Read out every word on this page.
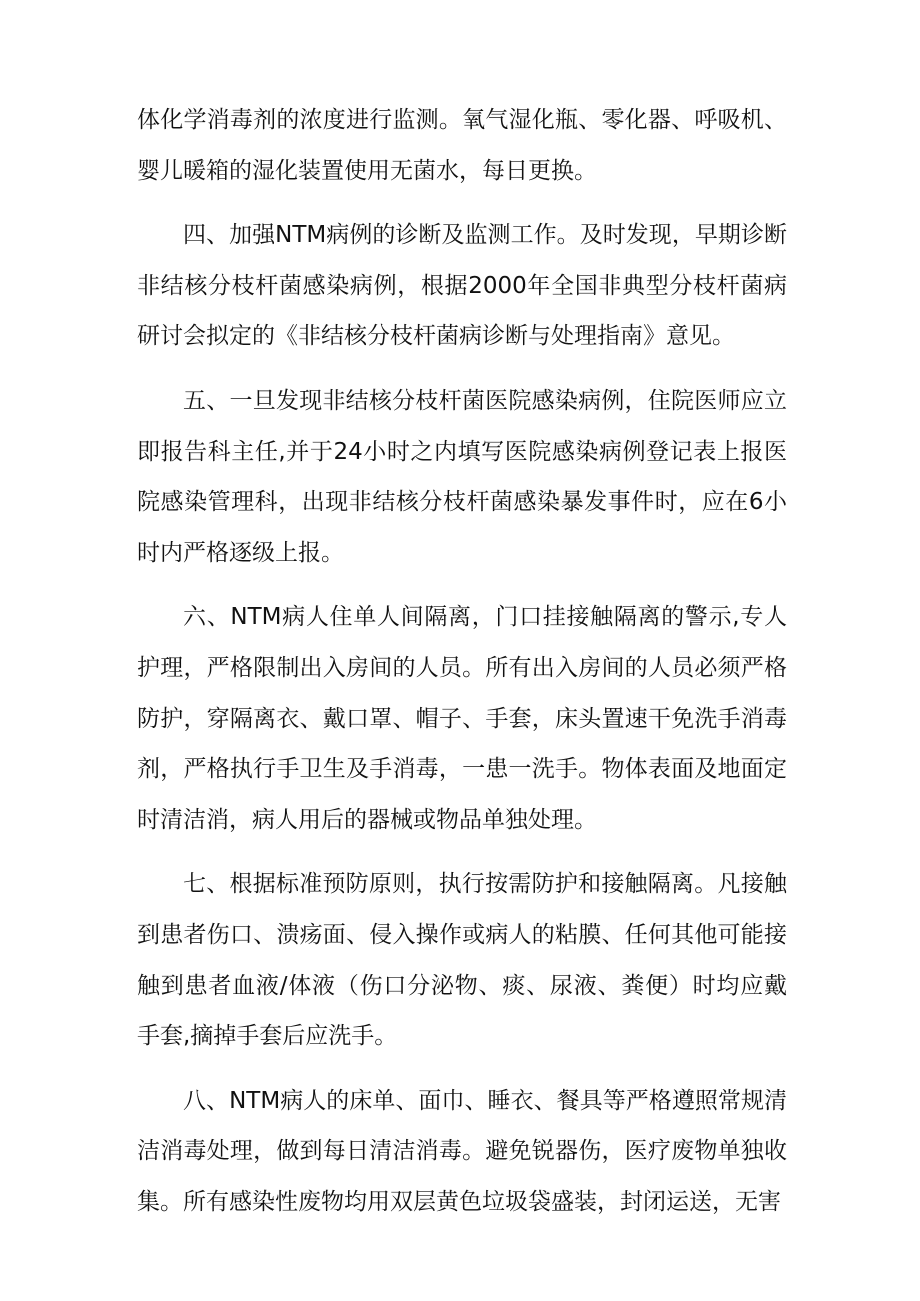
体化学消毒剂的浓度进行监测。氧气湿化瓶、零化器、呼吸机、婴儿暖箱的湿化装置使用无菌水，每日更换。

四、加强NTM病例的诊断及监测工作。及时发现，早期诊断非结核分枝杆菌感染病例，根据2000年全国非典型分枝杆菌病研讨会拟定的《非结核分枝杆菌病诊断与处理指南》意见。

五、一旦发现非结核分枝杆菌医院感染病例，住院医师应立即报告科主任,并于24小时之内填写医院感染病例登记表上报医院感染管理科，出现非结核分枝杆菌感染暴发事件时，应在6小时内严格逐级上报。

六、NTM病人住单人间隔离，门口挂接触隔离的警示,专人护理，严格限制出入房间的人员。所有出入房间的人员必须严格防护，穿隔离衣、戴口罩、帽子、手套，床头置速干免洗手消毒剂，严格执行手卫生及手消毒，一患一洗手。物体表面及地面定时清洁消，病人用后的器械或物品单独处理。

七、根据标准预防原则，执行按需防护和接触隔离。凡接触到患者伤口、溃疡面、侵入操作或病人的粘膜、任何其他可能接触到患者血液/体液（伤口分泌物、痰、尿液、粪便）时均应戴手套,摘掉手套后应洗手。

八、NTM病人的床单、面巾、睡衣、餐具等严格遵照常规清洁消毒处理，做到每日清洁消毒。避免锐器伤，医疗废物单独收集。所有感染性废物均用双层黄色垃圾袋盛装，封闭运送，无害
